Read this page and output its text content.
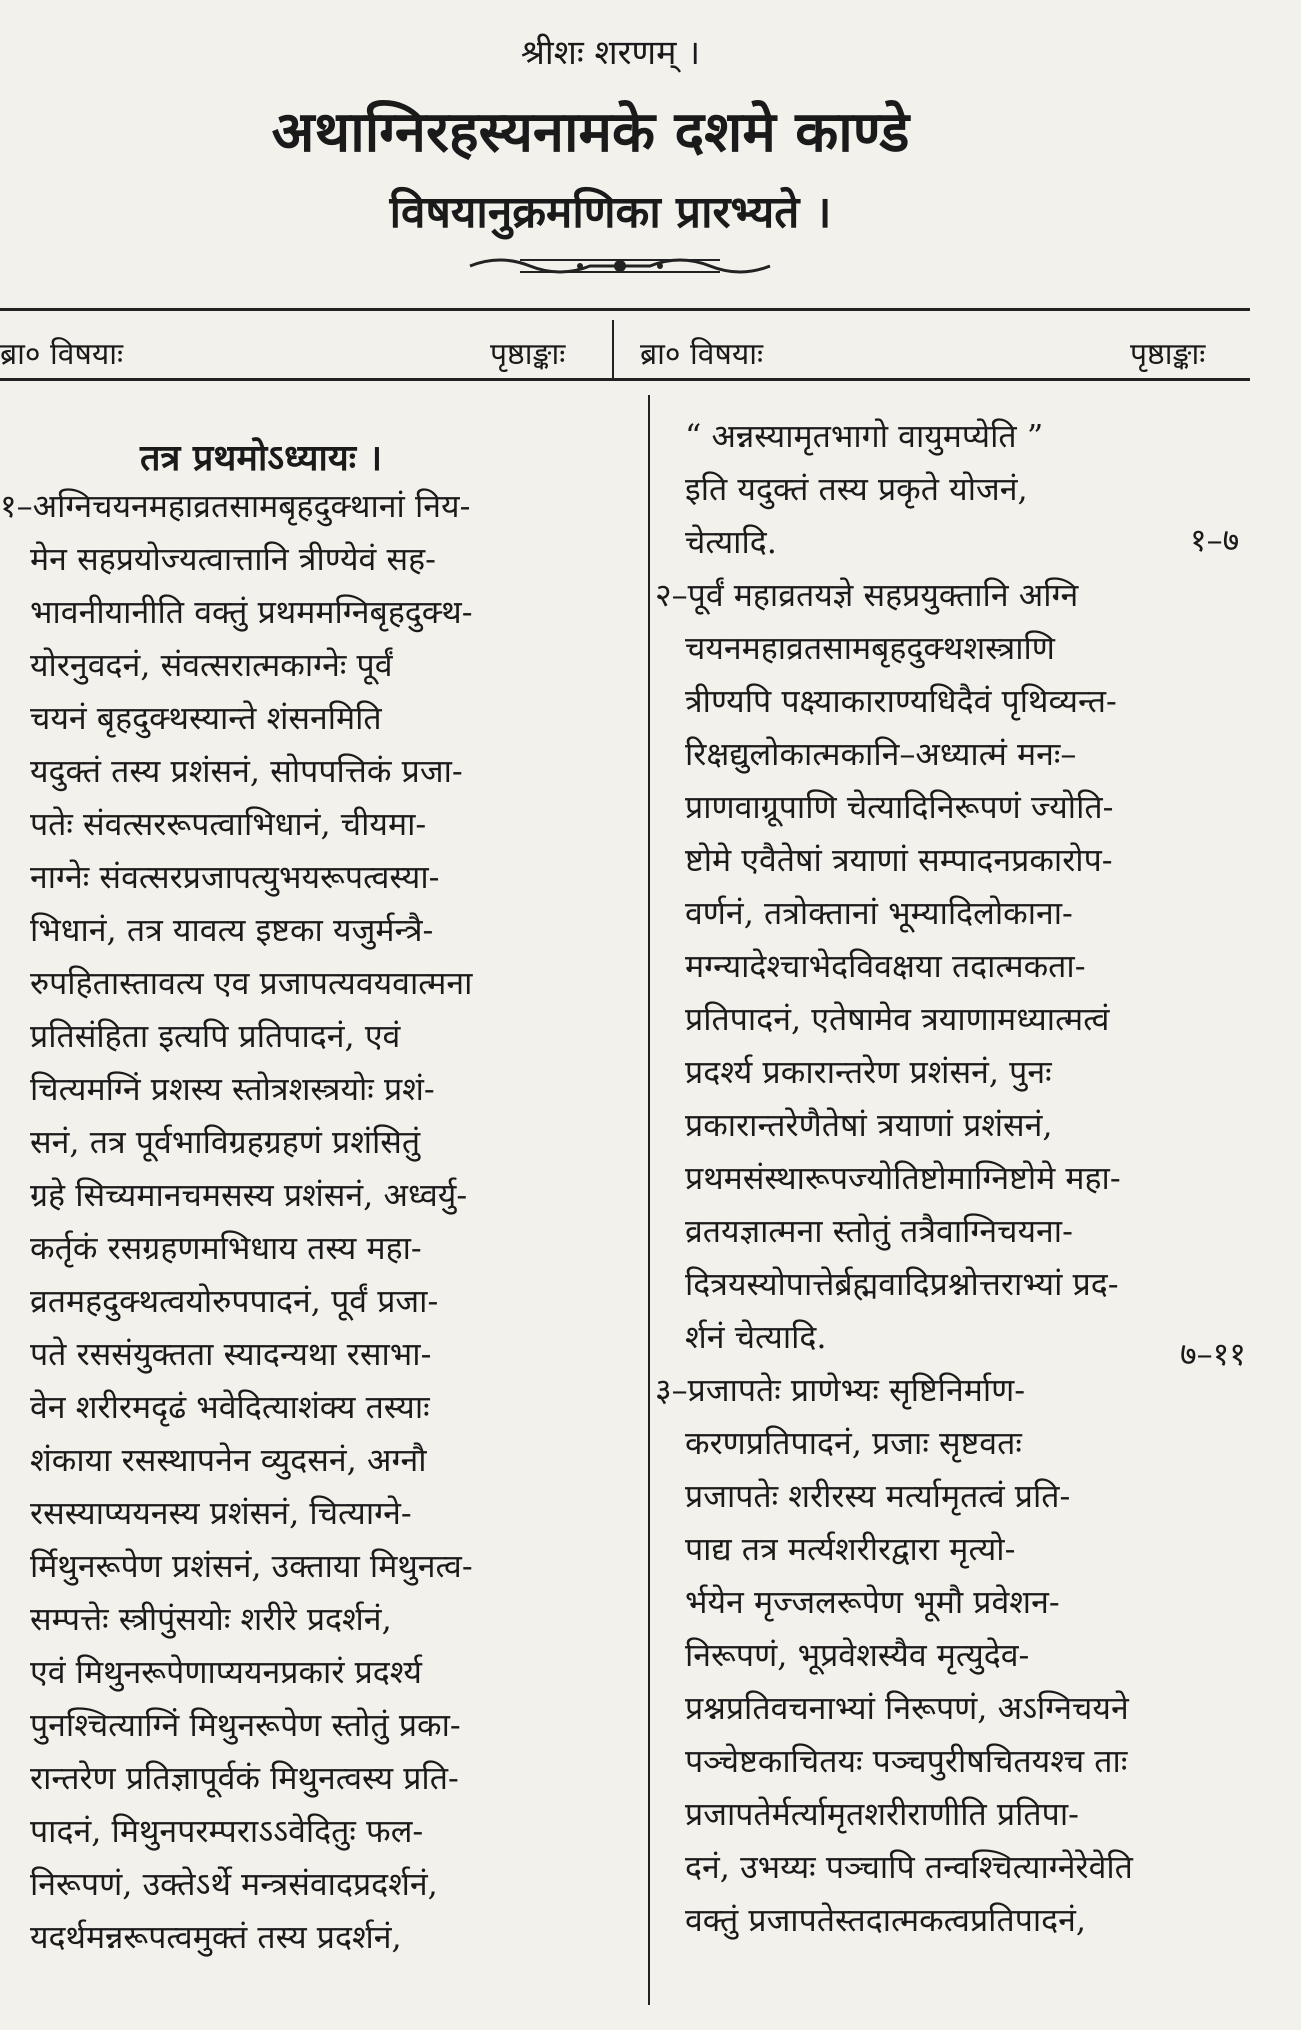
श्रीशः शरणम् ।
अथाग्निरहस्यनामके दशमे काण्डे
विषयानुक्रमणिका प्रारभ्यते ।
ब्रा० विषयाः	पृष्ठाङ्काः ब्रा० विषयाः	पृष्ठाङ्काः
तत्र प्रथमोऽध्यायः ।
१–अग्निचयनमहाव्रतसामबृहदुक्थानां निय-
मेन सहप्रयोज्यत्वात्तानि त्रीण्येवं सह-
भावनीयानीति वक्तुं प्रथममग्निबृहदुक्थ-
योरनुवदनं, संवत्सरात्मकाग्नेः पूर्वं
चयनं बृहदुक्थस्यान्ते शंसनमिति
यदुक्तं तस्य प्रशंसनं, सोपपत्तिकं प्रजा-
पतेः संवत्सररूपत्वाभिधानं, चीयमा-
नाग्नेः संवत्सरप्रजापत्युभयरूपत्वस्या-
भिधानं, तत्र यावत्य इष्टका यजुर्मन्त्रै-
रुपहितास्तावत्य एव प्रजापत्यवयवात्मना
प्रतिसंहिता इत्यपि प्रतिपादनं, एवं
चित्यमग्निं प्रशस्य स्तोत्रशस्त्रयोः प्रशं-
सनं, तत्र पूर्वभाविग्रहग्रहणं प्रशंसितुं
ग्रहे सिच्यमानचमसस्य प्रशंसनं, अध्वर्यु-
कर्तृकं रसग्रहणमभिधाय तस्य महा-
व्रतमहदुक्थत्वयोरुपपादनं, पूर्वं प्रजा-
पते रससंयुक्तता स्यादन्यथा रसाभा-
वेन शरीरमदृढं भवेदित्याशंक्य तस्याः
शंकाया रसस्थापनेन व्युदसनं, अग्नौ
रसस्याप्ययनस्य प्रशंसनं, चित्याग्ने-
र्मिथुनरूपेण प्रशंसनं, उक्ताया मिथुनत्व-
सम्पत्तेः स्त्रीपुंसयोः शरीरे प्रदर्शनं,
एवं मिथुनरूपेणाप्ययनप्रकारं प्रदर्श्य
पुनश्चित्याग्निं मिथुनरूपेण स्तोतुं प्रका-
रान्तरेण प्रतिज्ञापूर्वकं मिथुनत्वस्य प्रति-
पादनं, मिथुनपरम्पराऽऽवेदितुः फल-
निरूपणं, उक्तेऽर्थे मन्त्रसंवादप्रदर्शनं,
यदर्थमन्नरूपत्वमुक्तं तस्य प्रदर्शनं,
“ अन्नस्यामृतभागो वायुमप्येति ”
इति यदुक्तं तस्य प्रकृते योजनं,
चेत्यादि.
२–पूर्वं महाव्रतयज्ञे सहप्रयुक्तानि अग्नि
चयनमहाव्रतसामबृहदुक्थशस्त्राणि
त्रीण्यपि पक्ष्याकाराण्यधिदैवं पृथिव्यन्त-
रिक्षद्युलोकात्मकानि–अध्यात्मं मनः–
प्राणवाग्रूपाणि चेत्यादिनिरूपणं ज्योति-
ष्टोमे एवैतेषां त्रयाणां सम्पादनप्रकारोप-
वर्णनं, तत्रोक्तानां भूम्यादिलोकाना-
मग्न्यादेश्चाभेदविवक्षया तदात्मकता-
प्रतिपादनं, एतेषामेव त्रयाणामध्यात्मत्वं
प्रदर्श्य प्रकारान्तरेण प्रशंसनं, पुनः
प्रकारान्तरेणैतेषां त्रयाणां प्रशंसनं,
प्रथमसंस्थारूपज्योतिष्टोमाग्निष्टोमे महा-
व्रतयज्ञात्मना स्तोतुं तत्रैवाग्निचयना-
दित्रयस्योपात्तेर्ब्रह्मवादिप्रश्नोत्तराभ्यां प्रद-
र्शनं चेत्यादि.
३–प्रजापतेः प्राणेभ्यः सृष्टिनिर्माण-
करणप्रतिपादनं, प्रजाः सृष्टवतः
प्रजापतेः शरीरस्य मर्त्यामृतत्वं प्रति-
पाद्य तत्र मर्त्यशरीरद्वारा मृत्यो-
र्भयेन मृज्जलरूपेण भूमौ प्रवेशन-
निरूपणं, भूप्रवेशस्यैव मृत्युदेव-
प्रश्नप्रतिवचनाभ्यां निरूपणं, अऽग्निचयने
पञ्चेष्टकाचितयः पञ्चपुरीषचितयश्च ताः
प्रजापतेर्मर्त्यामृतशरीराणीति प्रतिपा-
दनं, उभय्यः पञ्चापि तन्वश्चित्याग्नेरेवेति
वक्तुं प्रजापतेस्तदात्मकत्वप्रतिपादनं,
१–७
७–११
